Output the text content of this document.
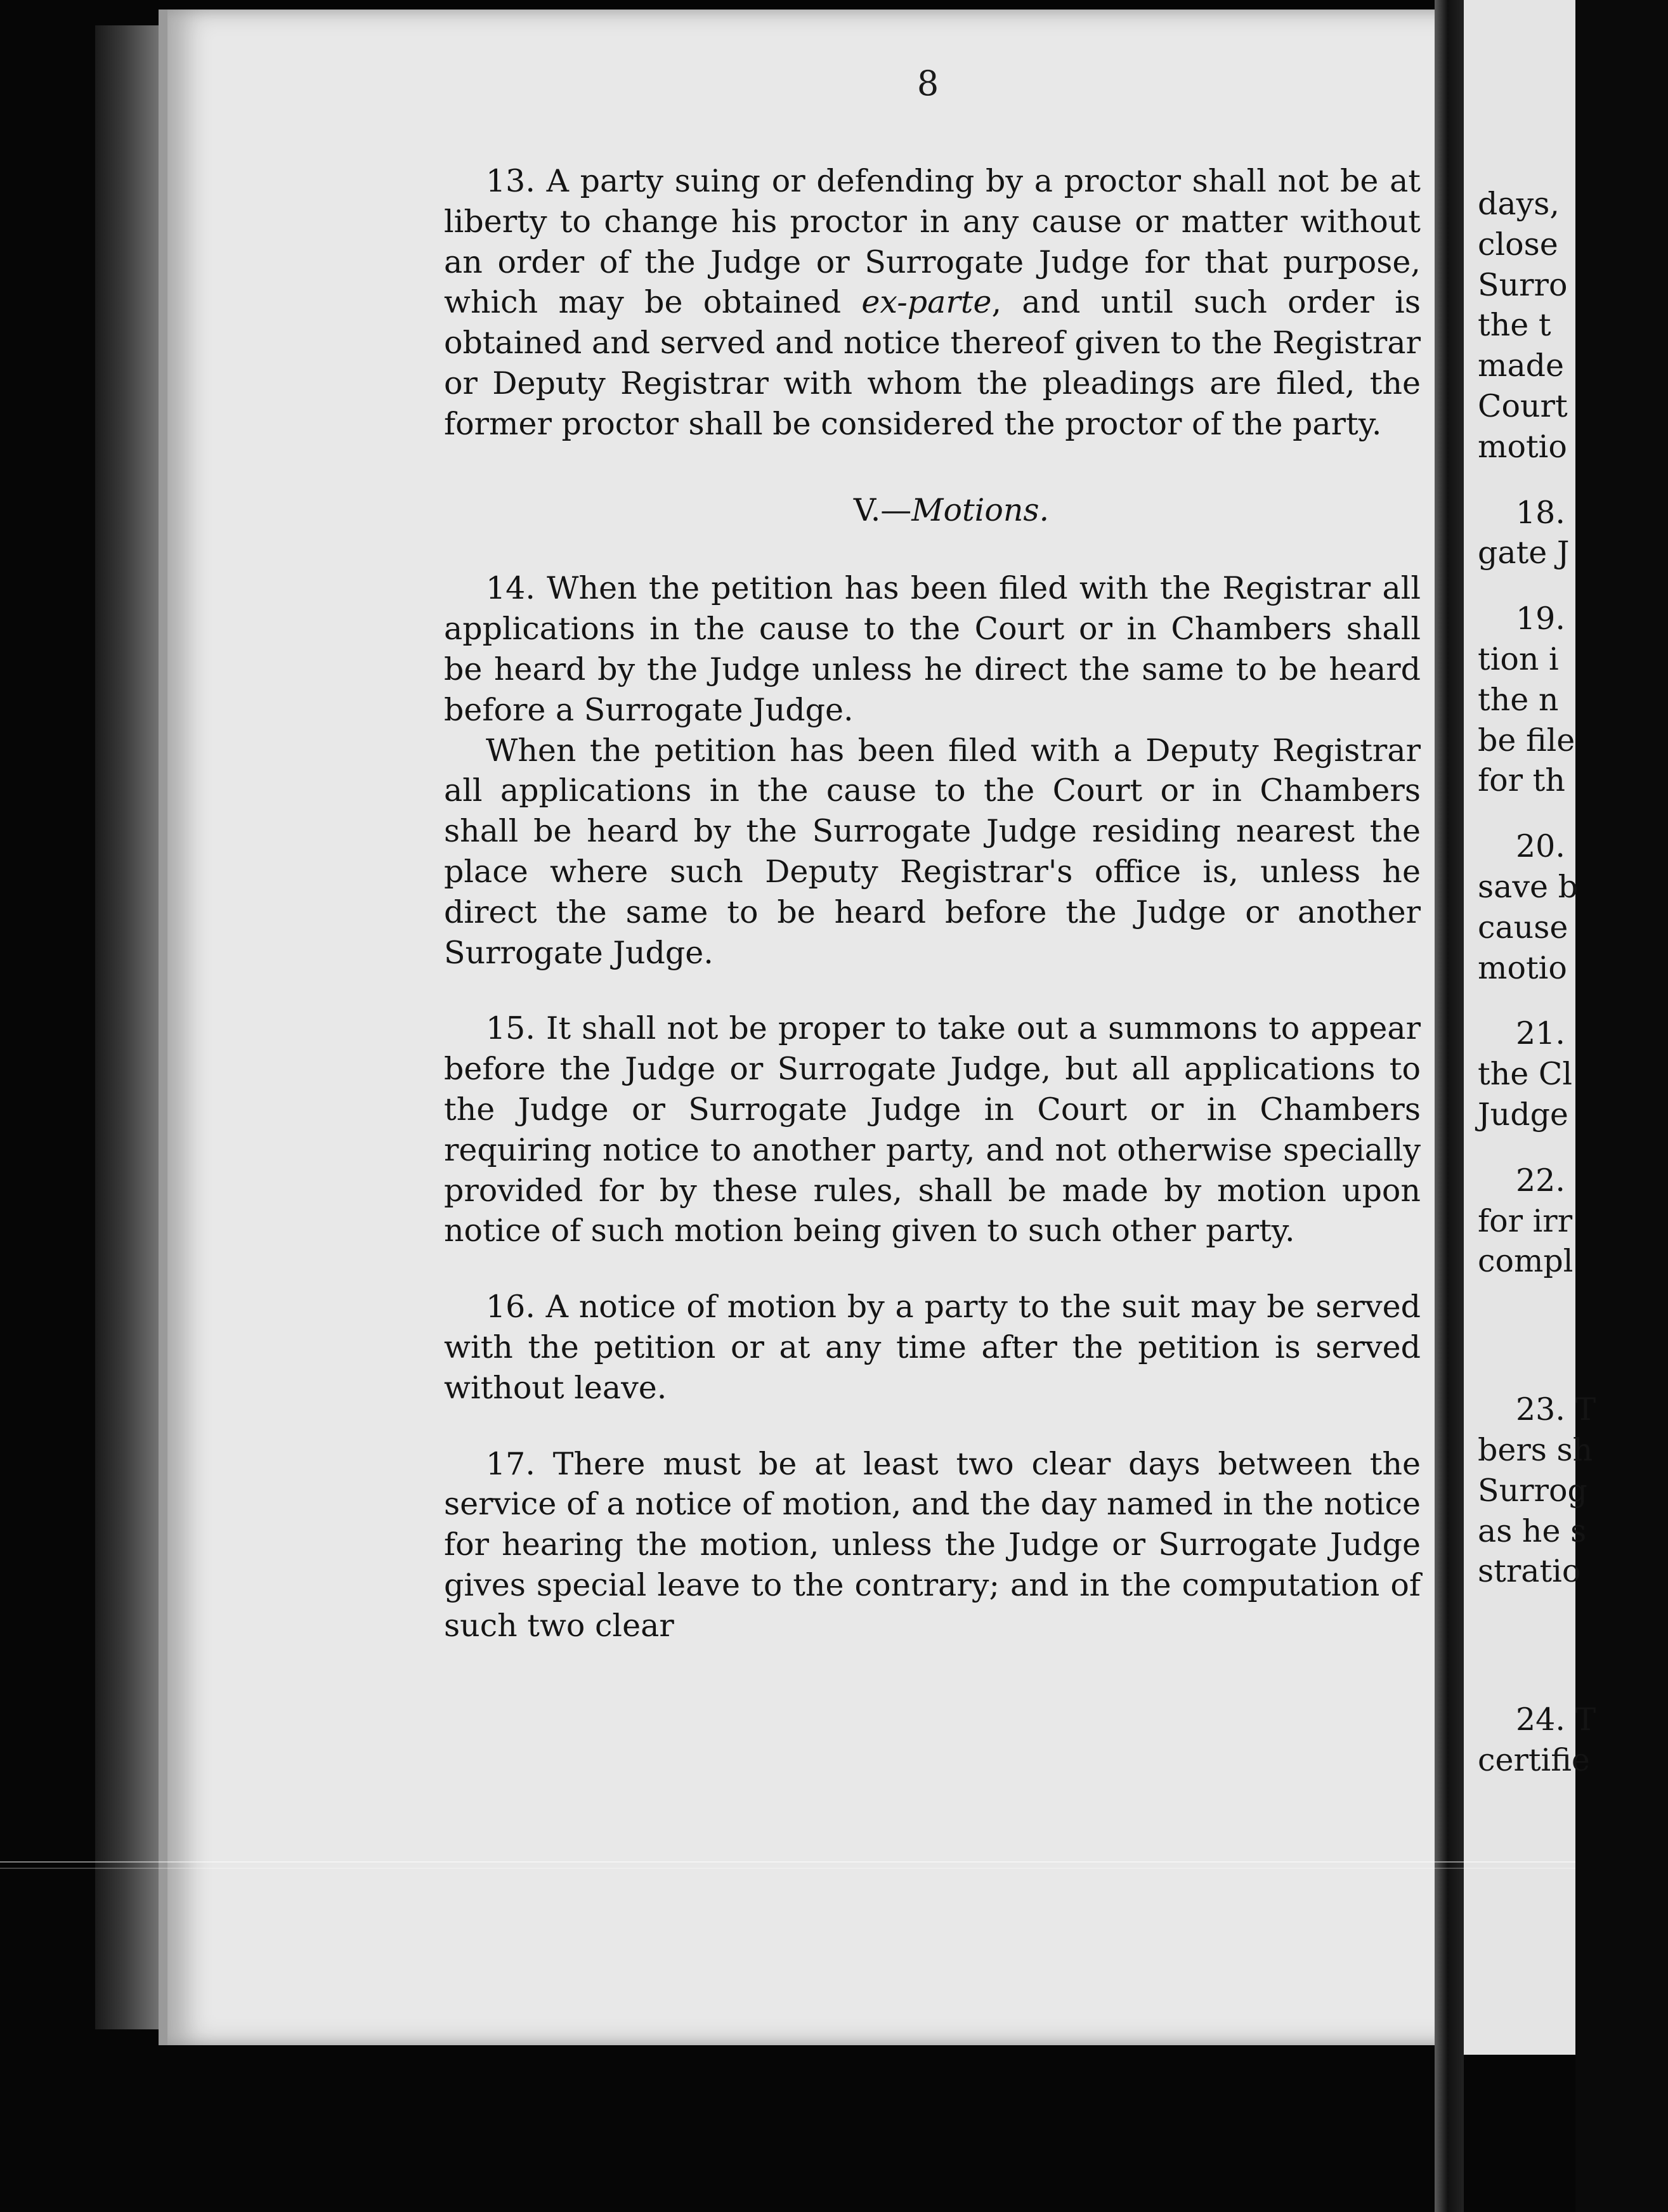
8

13. A party suing or defending by a proctor shall not be at liberty to change his proctor in any cause or matter without an order of the Judge or Surrogate Judge for that purpose, which may be obtained ex-parte, and until such order is obtained and served and notice thereof given to the Registrar or Deputy Registrar with whom the pleadings are filed, the former proctor shall be considered the proctor of the party.

V.—Motions.

14. When the petition has been filed with the Registrar all applications in the cause to the Court or in Chambers shall be heard by the Judge unless he direct the same to be heard before a Surrogate Judge.

When the petition has been filed with a Deputy Registrar all applications in the cause to the Court or in Chambers shall be heard by the Surrogate Judge residing nearest the place where such Deputy Registrar's office is, unless he direct the same to be heard before the Judge or another Surrogate Judge.

15. It shall not be proper to take out a summons to appear before the Judge or Surrogate Judge, but all applications to the Judge or Surrogate Judge in Court or in Chambers requiring notice to another party, and not otherwise specially provided for by these rules, shall be made by motion upon notice of such motion being given to such other party.

16. A notice of motion by a party to the suit may be served with the petition or at any time after the petition is served without leave.

17. There must be at least two clear days between the service of a notice of motion, and the day named in the notice for hearing the motion, unless the Judge or Surrogate Judge gives special leave to the contrary; and in the computation of such two clear

days,
close
Surro
the t
made
Court
motio
18.
gate J
19.
tion i
the n
be file
for th
20.
save b
cause
motio
21.
the Cl
Judge
22.
for irr
compl
23. T
bers sh
Surrog
as he s
stratio
24. T
certifie
